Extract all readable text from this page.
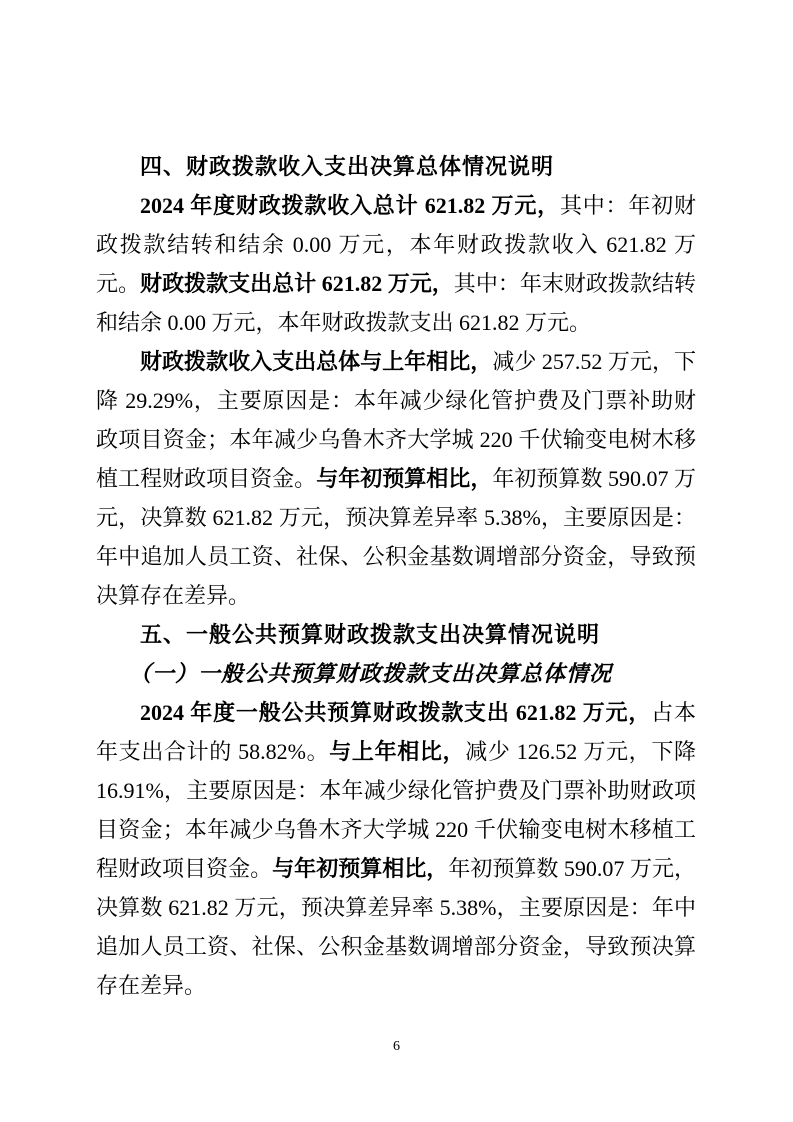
四、财政拨款收入支出决算总体情况说明

2024 年度财政拨款收入总计 621.82 万元，其中：年初财政拨款结转和结余 0.00 万元，本年财政拨款收入 621.82 万元。财政拨款支出总计 621.82 万元，其中：年末财政拨款结转和结余 0.00 万元，本年财政拨款支出 621.82 万元。

财政拨款收入支出总体与上年相比，减少 257.52 万元，下降 29.29%，主要原因是：本年减少绿化管护费及门票补助财政项目资金；本年减少乌鲁木齐大学城 220 千伏输变电树木移植工程财政项目资金。与年初预算相比，年初预算数 590.07 万元，决算数 621.82 万元，预决算差异率 5.38%，主要原因是：年中追加人员工资、社保、公积金基数调增部分资金，导致预决算存在差异。

五、一般公共预算财政拨款支出决算情况说明
（一）一般公共预算财政拨款支出决算总体情况

2024 年度一般公共预算财政拨款支出 621.82 万元，占本年支出合计的 58.82%。与上年相比，减少 126.52 万元，下降 16.91%，主要原因是：本年减少绿化管护费及门票补助财政项目资金；本年减少乌鲁木齐大学城 220 千伏输变电树木移植工程财政项目资金。与年初预算相比，年初预算数 590.07 万元，决算数 621.82 万元，预决算差异率 5.38%，主要原因是：年中追加人员工资、社保、公积金基数调增部分资金，导致预决算存在差异。

6
